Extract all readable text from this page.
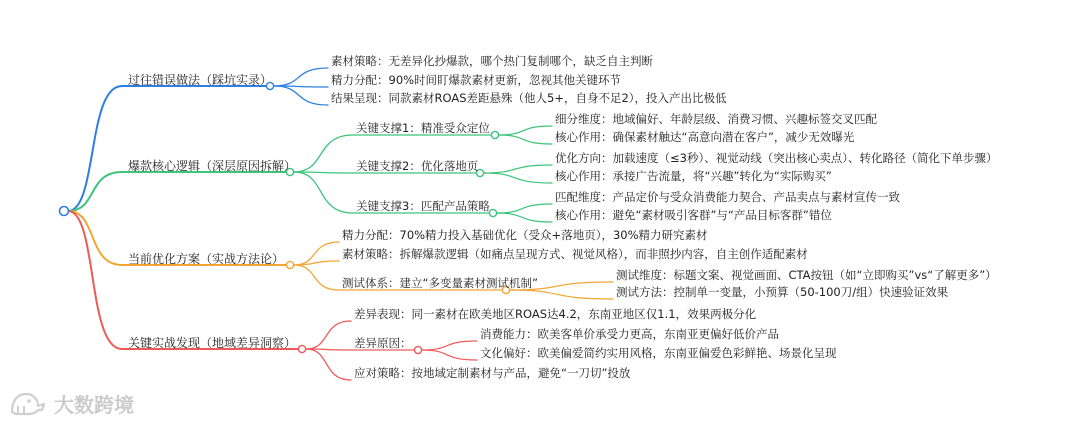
过往错误做法（踩坑实录）
素材策略：无差异化抄爆款，哪个热门复制哪个，缺乏自主判断
精力分配：90%时间盯爆款素材更新，忽视其他关键环节
结果呈现：同款素材ROAS差距悬殊（他人5+，自身不足2），投入产出比极低
爆款核心逻辑（深层原因拆解）
关键支撑1：精准受众定位
细分维度：地域偏好、年龄层级、消费习惯、兴趣标签交叉匹配
核心作用：确保素材触达“高意向潜在客户”，减少无效曝光
关键支撑2：优化落地页
优化方向：加载速度（≤3秒）、视觉动线（突出核心卖点）、转化路径（简化下单步骤）
核心作用：承接广告流量，将“兴趣”转化为“实际购买”
关键支撑3：匹配产品策略
匹配维度：产品定价与受众消费能力契合、产品卖点与素材宣传一致
核心作用：避免“素材吸引客群”与“产品目标客群”错位
当前优化方案（实战方法论）
精力分配：70%精力投入基础优化（受众+落地页），30%精力研究素材
素材策略：拆解爆款逻辑（如痛点呈现方式、视觉风格），而非照抄内容，自主创作适配素材
测试体系：建立“多变量素材测试机制”
测试维度：标题文案、视觉画面、CTA按钮（如“立即购买”vs“了解更多”）
测试方法：控制单一变量，小预算（50-100刀/组）快速验证效果
关键实战发现（地域差异洞察）
差异表现：同一素材在欧美地区ROAS达4.2，东南亚地区仅1.1，效果两极分化
差异原因：
消费能力：欧美客单价承受力更高，东南亚更偏好低价产品
文化偏好：欧美偏爱简约实用风格，东南亚偏爱色彩鲜艳、场景化呈现
应对策略：按地域定制素材与产品，避免“一刀切”投放
大数跨境
